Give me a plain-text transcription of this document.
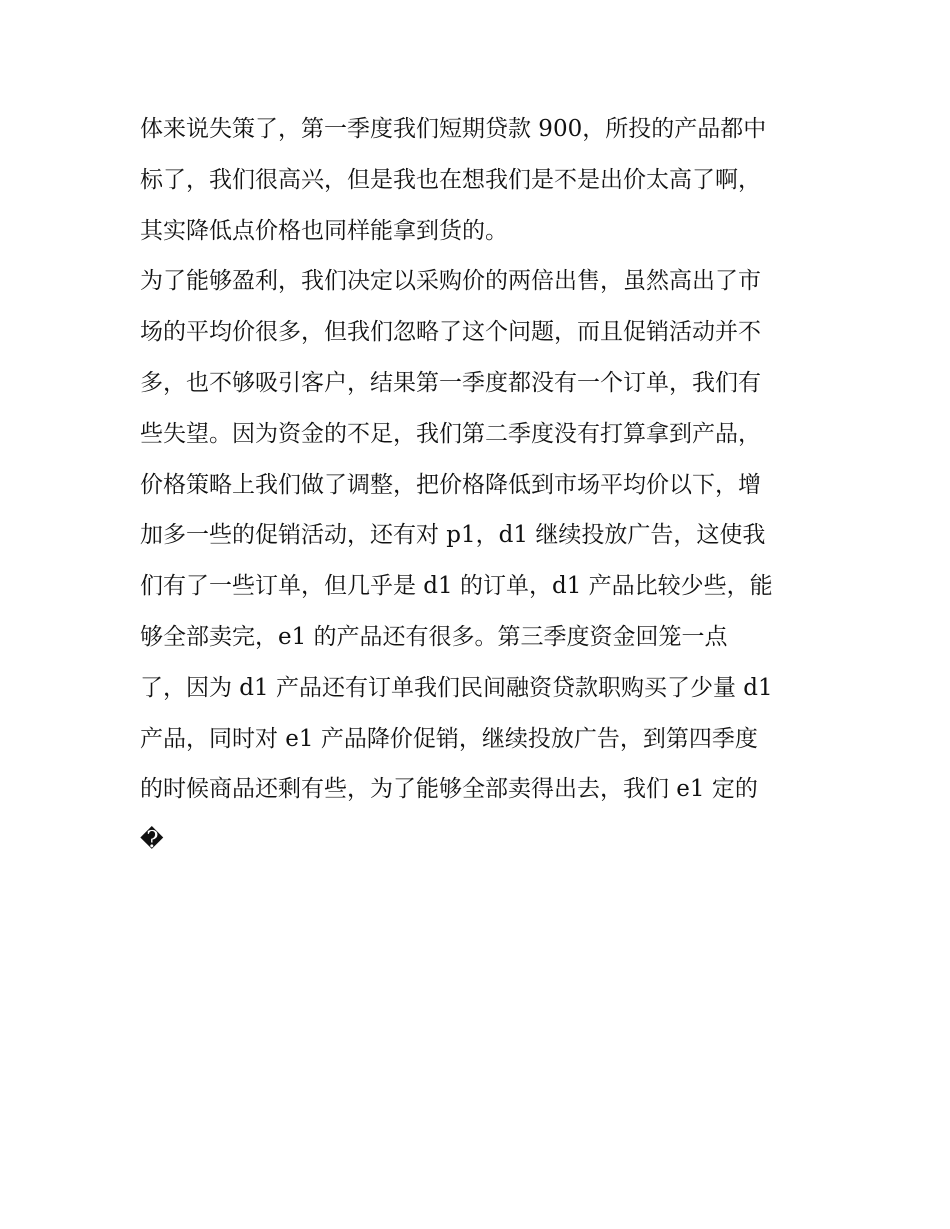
体来说失策了，第一季度我们短期贷款 900，所投的产品都中
标了，我们很高兴，但是我也在想我们是不是出价太高了啊，
其实降低点价格也同样能拿到货的。
为了能够盈利，我们决定以采购价的两倍出售，虽然高出了市
场的平均价很多，但我们忽略了这个问题，而且促销活动并不
多，也不够吸引客户，结果第一季度都没有一个订单，我们有
些失望。因为资金的不足，我们第二季度没有打算拿到产品，
价格策略上我们做了调整，把价格降低到市场平均价以下，增
加多一些的促销活动，还有对 p1，d1 继续投放广告，这使我
们有了一些订单，但几乎是 d1 的订单，d1 产品比较少些，能
够全部卖完，e1 的产品还有很多。第三季度资金回笼一点
了，因为 d1 产品还有订单我们民间融资贷款职购买了少量 d1
产品，同时对 e1 产品降价促销，继续投放广告，到第四季度
的时候商品还剩有些，为了能够全部卖得出去，我们 e1 定的
�
